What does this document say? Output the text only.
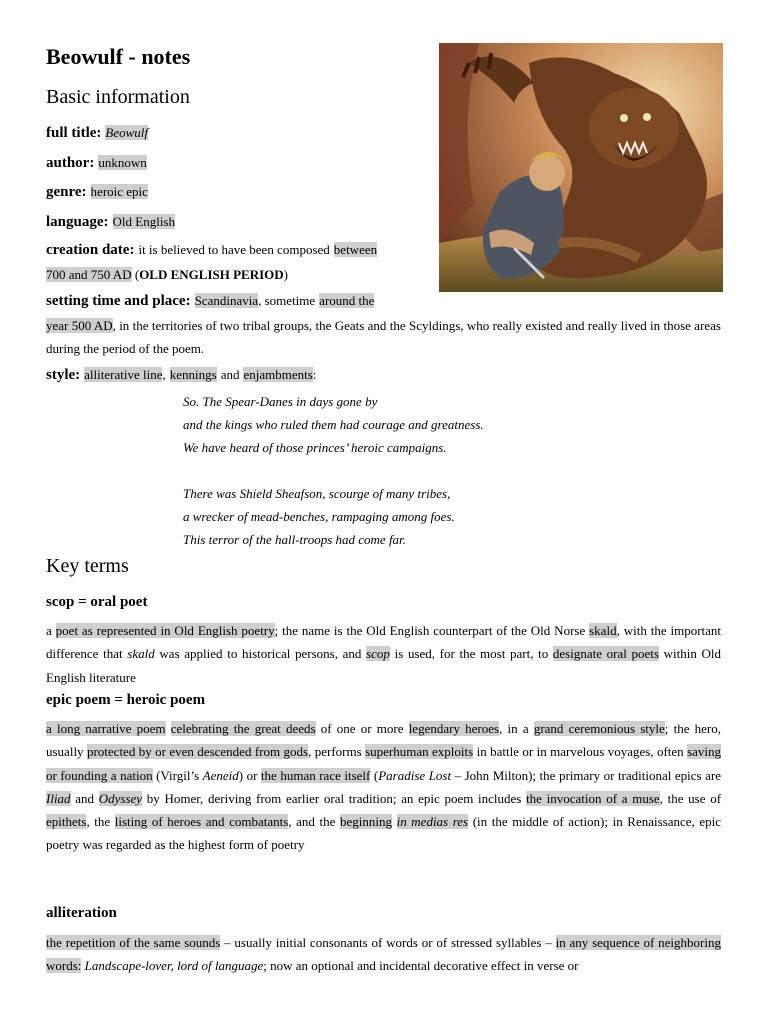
Beowulf - notes
Basic information
full title: Beowulf
author: unknown
genre: heroic epic
language: Old English
creation date: it is believed to have been composed between
700 and 750 AD (OLD ENGLISH PERIOD)
setting time and place: Scandinavia, sometime around the
year 500 AD, in the territories of two tribal groups, the Geats and the Scyldings, who really existed and really lived in those areas during the period of the poem.
style: alliterative line, kennings and enjambments:
So. The Spear-Danes in days gone by
and the kings who ruled them had courage and greatness.
We have heard of those princes’ heroic campaigns.
There was Shield Sheafson, scourge of many tribes,
a wrecker of mead-benches, rampaging among foes.
This terror of the hall-troops had come far.
Key terms
scop = oral poet
a poet as represented in Old English poetry; the name is the Old English counterpart of the Old Norse skald, with the important difference that skald was applied to historical persons, and scop is used, for the most part, to designate oral poets within Old English literature
epic poem = heroic poem
a long narrative poem celebrating the great deeds of one or more legendary heroes, in a grand ceremonious style; the hero, usually protected by or even descended from gods, performs superhuman exploits in battle or in marvelous voyages, often saving or founding a nation (Virgil’s Aeneid) or the human race itself (Paradise Lost – John Milton); the primary or traditional epics are Iliad and Odyssey by Homer, deriving from earlier oral tradition; an epic poem includes the invocation of a muse, the use of epithets, the listing of heroes and combatants, and the beginning in medias res (in the middle of action); in Renaissance, epic poetry was regarded as the highest form of poetry
alliteration
the repetition of the same sounds – usually initial consonants of words or of stressed syllables – in any sequence of neighboring words: Landscape-lover, lord of language; now an optional and incidental decorative effect in verse or
